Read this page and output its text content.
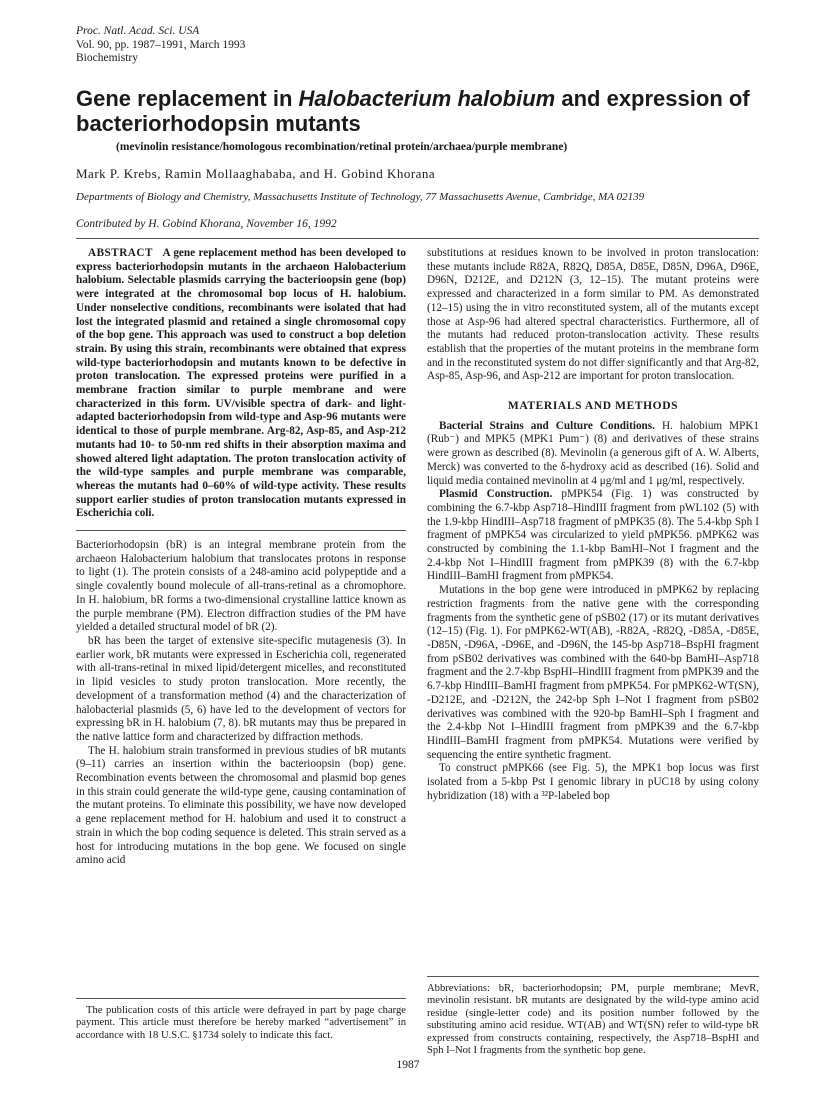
Proc. Natl. Acad. Sci. USA
Vol. 90, pp. 1987–1991, March 1993
Biochemistry
Gene replacement in Halobacterium halobium and expression of
bacteriorhodopsin mutants
(mevinolin resistance/homologous recombination/retinal protein/archaea/purple membrane)
Mark P. Krebs, Ramin Mollaaghababa, and H. Gobind Khorana
Departments of Biology and Chemistry, Massachusetts Institute of Technology, 77 Massachusetts Avenue, Cambridge, MA 02139
Contributed by H. Gobind Khorana, November 16, 1992

ABSTRACT A gene replacement method has been developed to express bacteriorhodopsin mutants in the archaeon Halobacterium halobium. Selectable plasmids carrying the bacterioopsin gene (bop) were integrated at the chromosomal bop locus of H. halobium. Under nonselective conditions, recombinants were isolated that had lost the integrated plasmid and retained a single chromosomal copy of the bop gene. This approach was used to construct a bop deletion strain. By using this strain, recombinants were obtained that express wild-type bacteriorhodopsin and mutants known to be defective in proton translocation. The expressed proteins were purified in a membrane fraction similar to purple membrane and were characterized in this form. UV/visible spectra of dark- and light-adapted bacteriorhodopsin from wild-type and Asp-96 mutants were identical to those of purple membrane. Arg-82, Asp-85, and Asp-212 mutants had 10- to 50-nm red shifts in their absorption maxima and showed altered light adaptation. The proton translocation activity of the wild-type samples and purple membrane was comparable, whereas the mutants had 0–60% of wild-type activity. These results support earlier studies of proton translocation mutants expressed in Escherichia coli.

Bacteriorhodopsin (bR) is an integral membrane protein from the archaeon Halobacterium halobium that translocates protons in response to light (1). The protein consists of a 248-amino acid polypeptide and a single covalently bound molecule of all-trans-retinal as a chromophore. In H. halobium, bR forms a two-dimensional crystalline lattice known as the purple membrane (PM). Electron diffraction studies of the PM have yielded a detailed structural model of bR (2).

bR has been the target of extensive site-specific mutagenesis (3). In earlier work, bR mutants were expressed in Escherichia coli, regenerated with all-trans-retinal in mixed lipid/detergent micelles, and reconstituted in lipid vesicles to study proton translocation. More recently, the development of a transformation method (4) and the characterization of halobacterial plasmids (5, 6) have led to the development of vectors for expressing bR in H. halobium (7, 8). bR mutants may thus be prepared in the native lattice form and characterized by diffraction methods.

The H. halobium strain transformed in previous studies of bR mutants (9–11) carries an insertion within the bacterioopsin (bop) gene. Recombination events between the chromosomal and plasmid bop genes in this strain could generate the wild-type gene, causing contamination of the mutant proteins. To eliminate this possibility, we have now developed a gene replacement method for H. halobium and used it to construct a strain in which the bop coding sequence is deleted. This strain served as a host for introducing mutations in the bop gene. We focused on single amino acid

The publication costs of this article were defrayed in part by page charge payment. This article must therefore be hereby marked “advertisement” in accordance with 18 U.S.C. §1734 solely to indicate this fact.

substitutions at residues known to be involved in proton translocation: these mutants include R82A, R82Q, D85A, D85E, D85N, D96A, D96E, D96N, D212E, and D212N (3, 12–15). The mutant proteins were expressed and characterized in a form similar to PM. As demonstrated (12–15) using the in vitro reconstituted system, all of the mutants except those at Asp-96 had altered spectral characteristics. Furthermore, all of the mutants had reduced proton-translocation activity. These results establish that the properties of the mutant proteins in the membrane form and in the reconstituted system do not differ significantly and that Arg-82, Asp-85, Asp-96, and Asp-212 are important for proton translocation.

MATERIALS AND METHODS

Bacterial Strains and Culture Conditions. H. halobium MPK1 (Rub⁻) and MPK5 (MPK1 Pum⁻) (8) and derivatives of these strains were grown as described (8). Mevinolin (a generous gift of A. W. Alberts, Merck) was converted to the δ-hydroxy acid as described (16). Solid and liquid media contained mevinolin at 4 μg/ml and 1 μg/ml, respectively.

Plasmid Construction. pMPK54 (Fig. 1) was constructed by combining the 6.7-kbp Asp718–HindIII fragment from pWL102 (5) with the 1.9-kbp HindIII–Asp718 fragment of pMPK35 (8). The 5.4-kbp Sph I fragment of pMPK54 was circularized to yield pMPK56. pMPK62 was constructed by combining the 1.1-kbp BamHI–Not I fragment and the 2.4-kbp Not I–HindIII fragment from pMPK39 (8) with the 6.7-kbp HindIII–BamHI fragment from pMPK54.

Mutations in the bop gene were introduced in pMPK62 by replacing restriction fragments from the native gene with the corresponding fragments from the synthetic gene of pSB02 (17) or its mutant derivatives (12–15) (Fig. 1). For pMPK62-WT(AB), -R82A, -R82Q, -D85A, -D85E, -D85N, -D96A, -D96E, and -D96N, the 145-bp Asp718–BspHI fragment from pSB02 derivatives was combined with the 640-bp BamHI–Asp718 fragment and the 2.7-kbp BspHI–HindIII fragment from pMPK39 and the 6.7-kbp HindIII–BamHI fragment from pMPK54. For pMPK62-WT(SN), -D212E, and -D212N, the 242-bp Sph I–Not I fragment from pSB02 derivatives was combined with the 920-bp BamHI–Sph I fragment and the 2.4-kbp Not I–HindIII fragment from pMPK39 and the 6.7-kbp HindIII–BamHI fragment from pMPK54. Mutations were verified by sequencing the entire synthetic fragment.

To construct pMPK66 (see Fig. 5), the MPK1 bop locus was first isolated from a 5-kbp Pst I genomic library in pUC18 by using colony hybridization (18) with a ³²P-labeled bop

Abbreviations: bR, bacteriorhodopsin; PM, purple membrane; MevR, mevinolin resistant. bR mutants are designated by the wild-type amino acid residue (single-letter code) and its position number followed by the substituting amino acid residue. WT(AB) and WT(SN) refer to wild-type bR expressed from constructs containing, respectively, the Asp718–BspHI and Sph I–Not I fragments from the synthetic bop gene.
1987
